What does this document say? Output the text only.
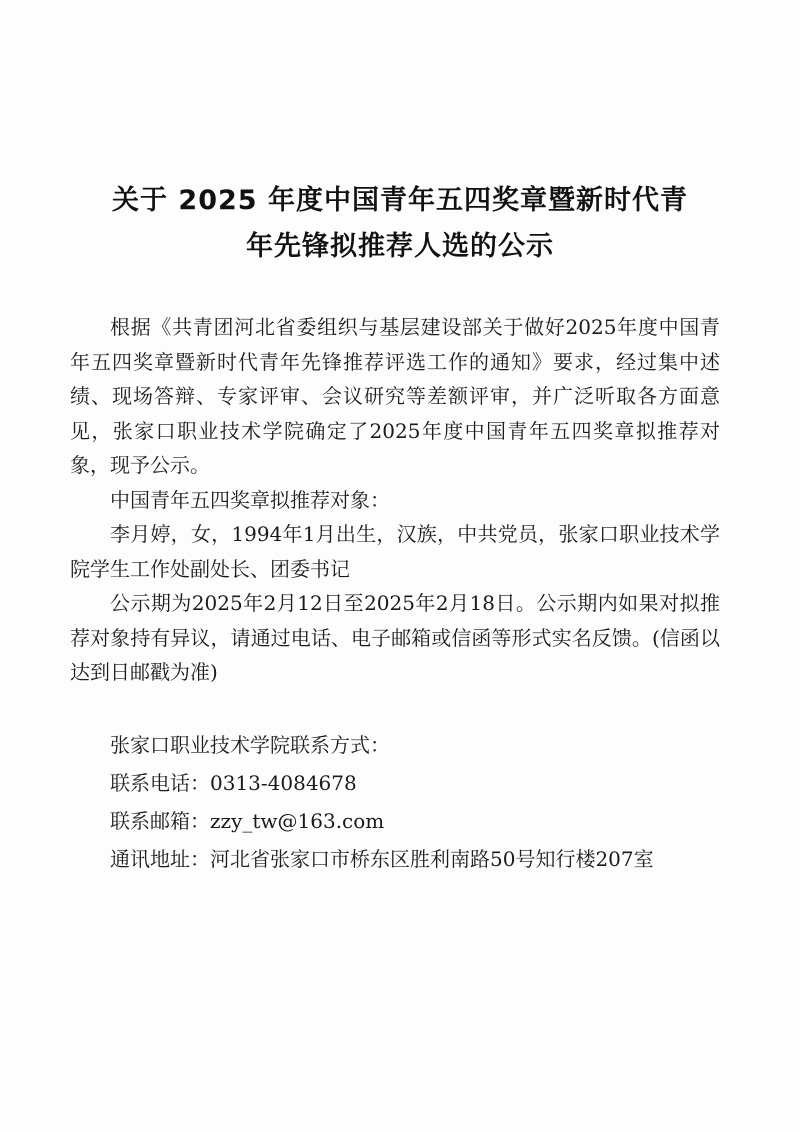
关于 2025 年度中国青年五四奖章暨新时代青
年先锋拟推荐人选的公示

根据《共青团河北省委组织与基层建设部关于做好2025年度中国青年五四奖章暨新时代青年先锋推荐评选工作的通知》要求，经过集中述绩、现场答辩、专家评审、会议研究等差额评审，并广泛听取各方面意见，张家口职业技术学院确定了2025年度中国青年五四奖章拟推荐对象，现予公示。

中国青年五四奖章拟推荐对象：

李月婷，女，1994年1月出生，汉族，中共党员，张家口职业技术学院学生工作处副处长、团委书记

公示期为2025年2月12日至2025年2月18日。公示期内如果对拟推荐对象持有异议，请通过电话、电子邮箱或信函等形式实名反馈。(信函以达到日邮戳为准)

张家口职业技术学院联系方式：

联系电话：0313-4084678

联系邮箱：zzy_tw@163.com

通讯地址：河北省张家口市桥东区胜利南路50号知行楼207室
